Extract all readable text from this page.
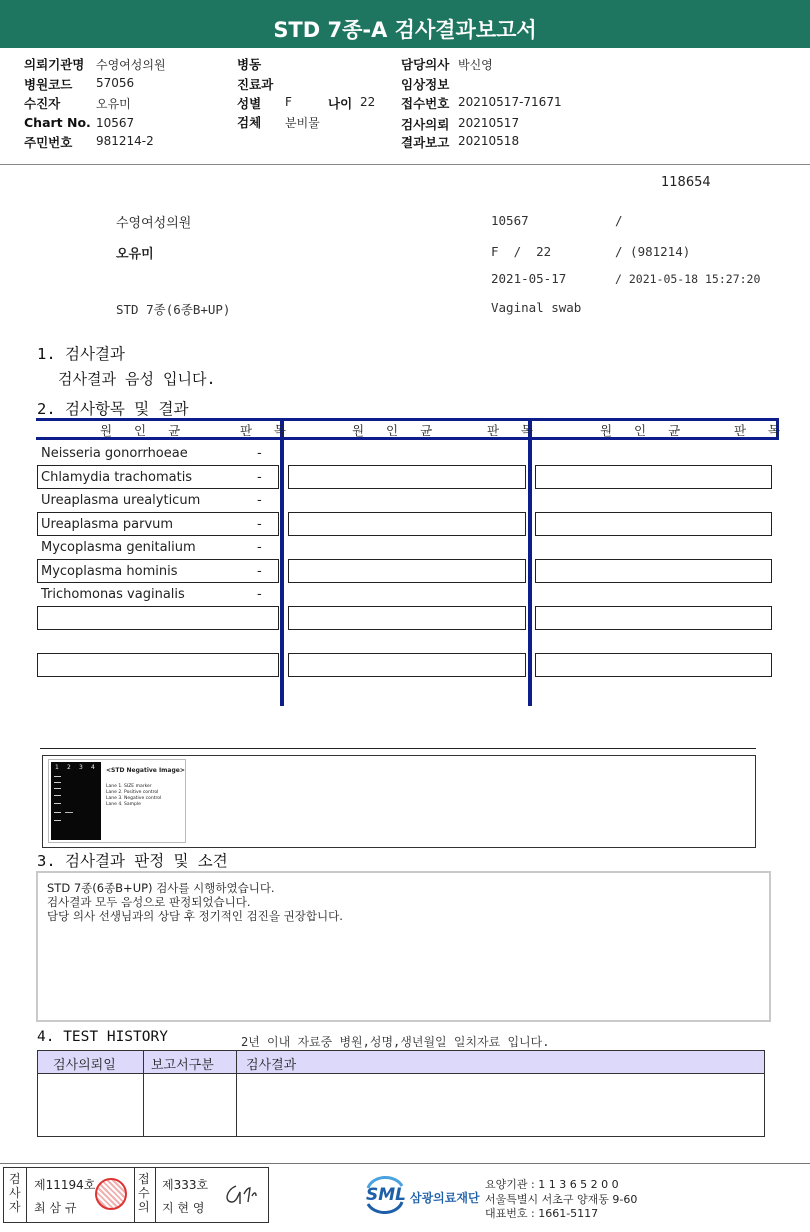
STD 7종-A 검사결과보고서
의뢰기관명 수영여성의원
병원코드 57056
수진자	오유미
Chart No. 10567
주민번호 981214-2
병동
진료과
성별 F	나이 22
검체 분비물
담당의사 박신영
임상정보
접수번호 20210517-71671
검사의뢰 20210517
결과보고 20210518
118654
수영여성의원	10567	/
오유미	F  /  22	/ (981214)
2021-05-17	/ 2021-05-18 15:27:20
STD 7종(6종B+UP)	Vaginal swab
1. 검사결과
검사결과 음성 입니다.
2. 검사항목 및 결과
원 인 균	판 독	원 인 균	판 독	원 인 균	판 독
Neisseria gonorrhoeae	-
Chlamydia trachomatis	-
Ureaplasma urealyticum	-
Ureaplasma parvum	-
Mycoplasma genitalium	-
Mycoplasma hominis	-
Trichomonas vaginalis	-
1 2 3 4 <STD Negative Image>
Lane 1. SIZE marker
Lane 2. Positive control
Lane 3. Negative control
Lane 4. Sample
3. 검사결과 판정 및 소견
STD 7종(6종B+UP) 검사를 시행하였습니다.
검사결과 모두 음성으로 판정되었습니다.
담당 의사 선생님과의 상담 후 정기적인 검진을 권장합니다.
4. TEST HISTORY	2년 이내 자료중 병원,성명,생년월일 일치자료 입니다.
검사의뢰일	보고서구분 검사결과
검사자
제11194호
최 삼 규
접수의
제333호
지 현 영
SML 삼광의료재단
요양기관 : 1 1 3 6 5 2 0 0
서울특별시 서초구 양재동 9-60
대표번호 : 1661-5117
